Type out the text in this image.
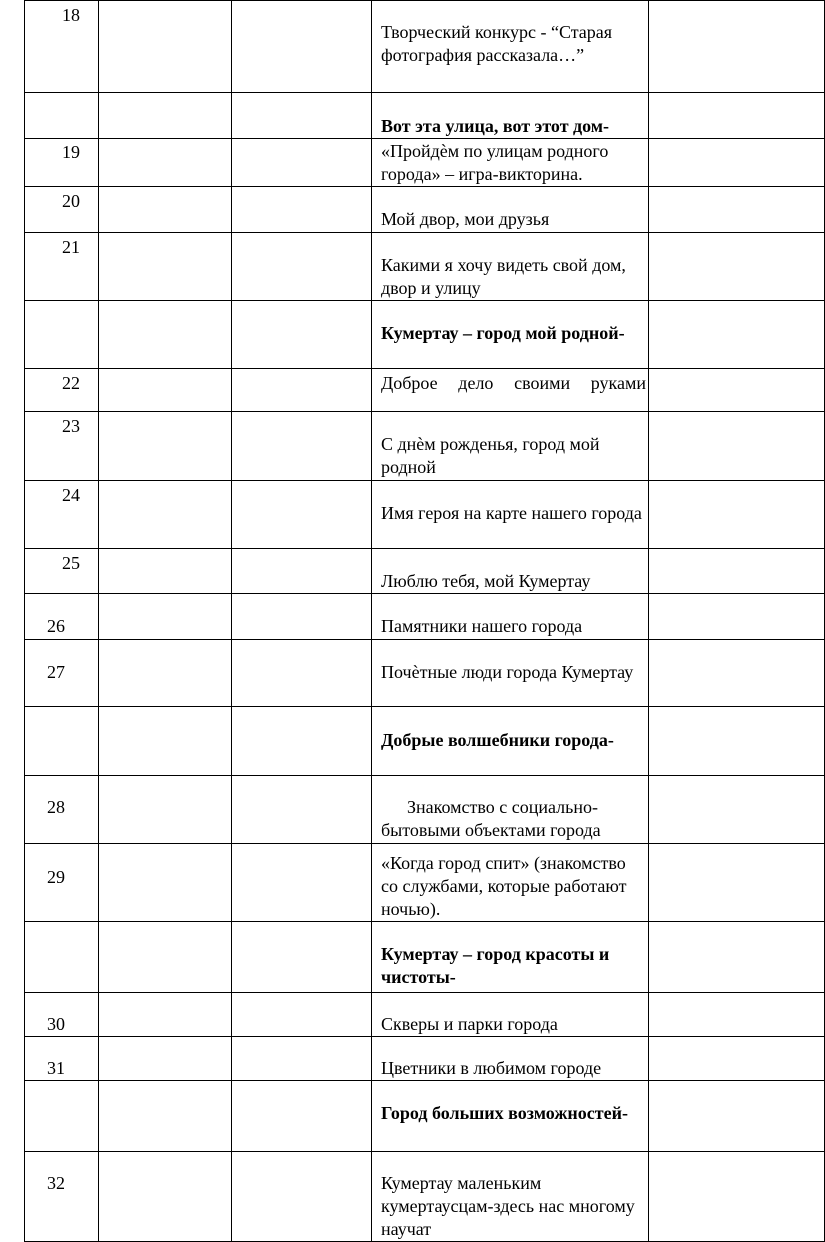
18			Творческий конкурс - “Старая фотография рассказала…”	
			Вот эта улица, вот этот дом-	
19			«Пройдѐм по улицам родного города» – игра-викторина.	
20			Мой двор, мои друзья	
21			Какими я хочу видеть свой дом, двор и улицу	
			Кумертау – город мой родной-	
22			Доброе дело своими руками	
23			С днѐм рожденья, город мой родной	
24			Имя героя на карте нашего города	
25			Люблю тебя, мой Кумертау	
26			Памятники нашего города	
27			Почѐтные люди города Кумертау	
			Добрые волшебники города-	
28			Знакомство с социально-бытовыми объектами города	
29			«Когда город спит» (знакомство со службами, которые работают ночью).	
			Кумертау – город красоты и чистоты-	
30			Скверы и парки города	
31			Цветники в любимом городе	
			Город больших возможностей-	
32			Кумертау маленьким кумертаусцам-здесь нас многому        научат	
